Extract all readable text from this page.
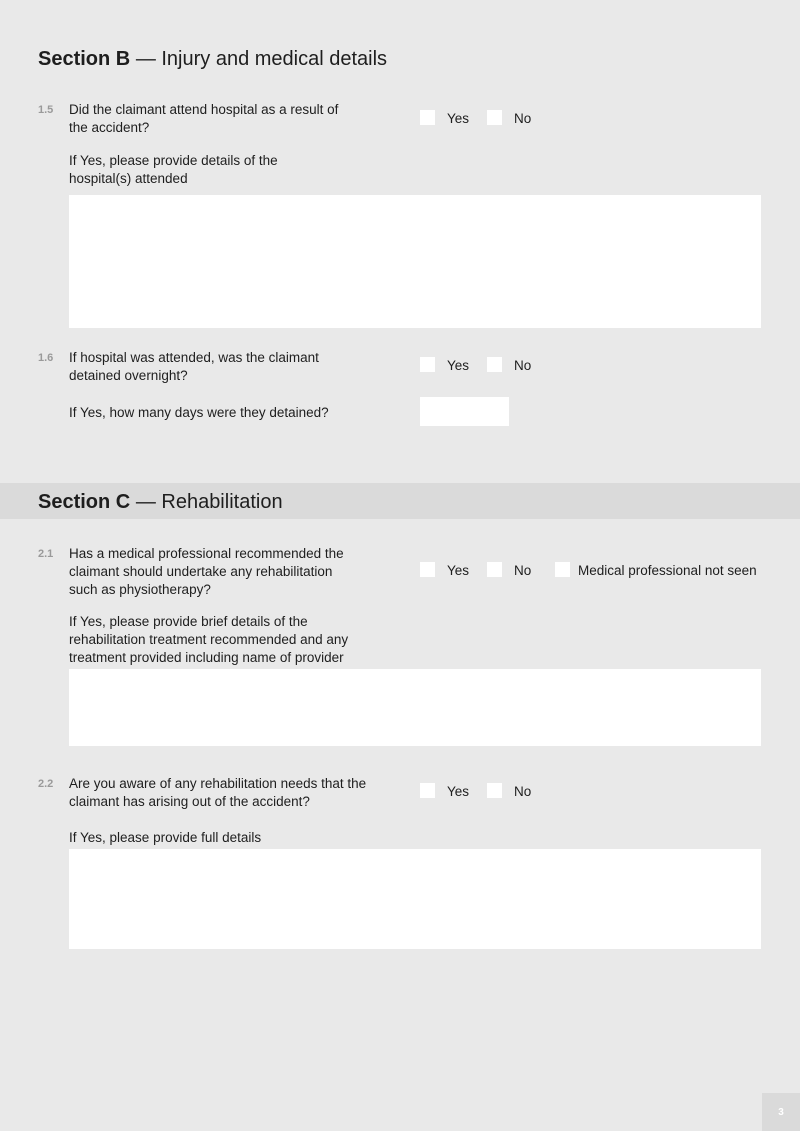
Section B — Injury and medical details
1.5 Did the claimant attend hospital as a result of
the accident?
Yes	No
If Yes, please provide details of the
hospital(s) attended
1.6 If hospital was attended, was the claimant
detained overnight?
Yes	No
If Yes, how many days were they detained?
Section C — Rehabilitation
2.1 Has a medical professional recommended the
claimant should undertake any rehabilitation
such as physiotherapy?
Yes	No	Medical professional not seen
If Yes, please provide brief details of the
rehabilitation treatment recommended and any
treatment provided including name of provider
2.2 Are you aware of any rehabilitation needs that the
claimant has arising out of the accident?
Yes	No
If Yes, please provide full details
3
